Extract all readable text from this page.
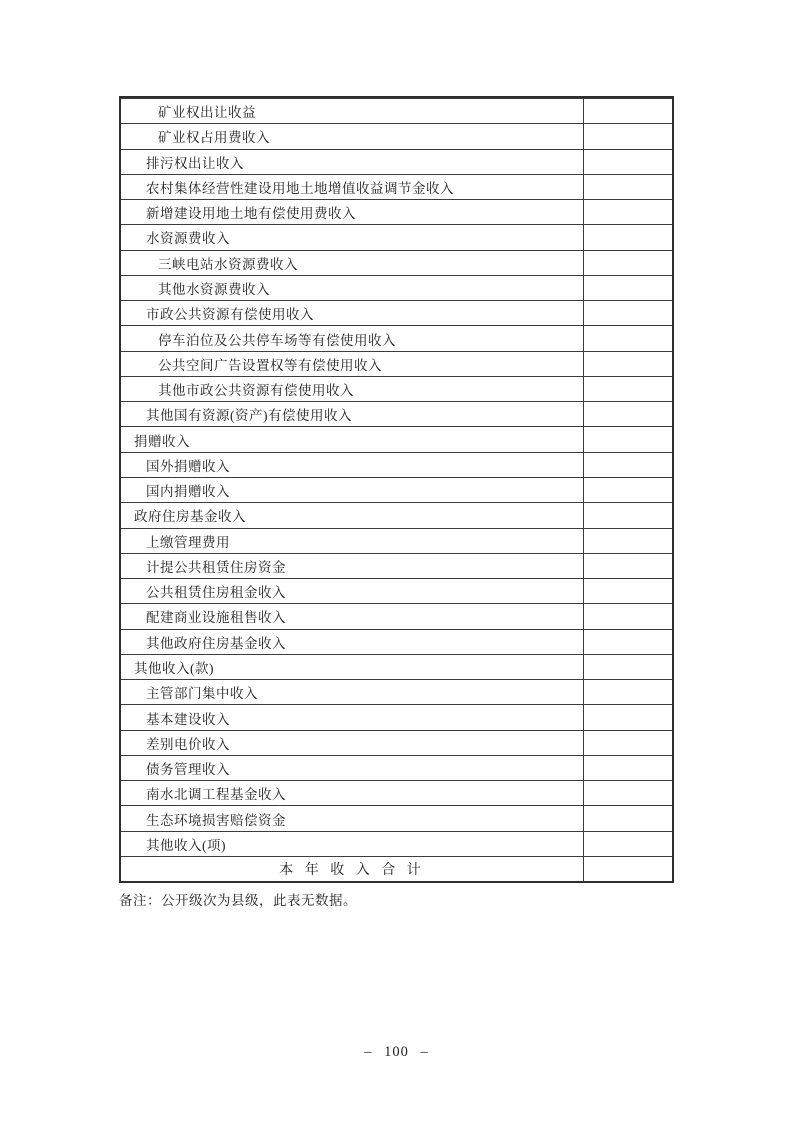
矿业权出让收益
矿业权占用费收入
排污权出让收入
农村集体经营性建设用地土地增值收益调节金收入
新增建设用地土地有偿使用费收入
水资源费收入
三峡电站水资源费收入
其他水资源费收入
市政公共资源有偿使用收入
停车泊位及公共停车场等有偿使用收入
公共空间广告设置权等有偿使用收入
其他市政公共资源有偿使用收入
其他国有资源(资产)有偿使用收入
捐赠收入
国外捐赠收入
国内捐赠收入
政府住房基金收入
上缴管理费用
计提公共租赁住房资金
公共租赁住房租金收入
配建商业设施租售收入
其他政府住房基金收入
其他收入(款)
主管部门集中收入
基本建设收入
差别电价收入
债务管理收入
南水北调工程基金收入
生态环境损害赔偿资金
其他收入(项)
本 年 收 入 合 计
备注：公开级次为县级，此表无数据。
– 100 –
